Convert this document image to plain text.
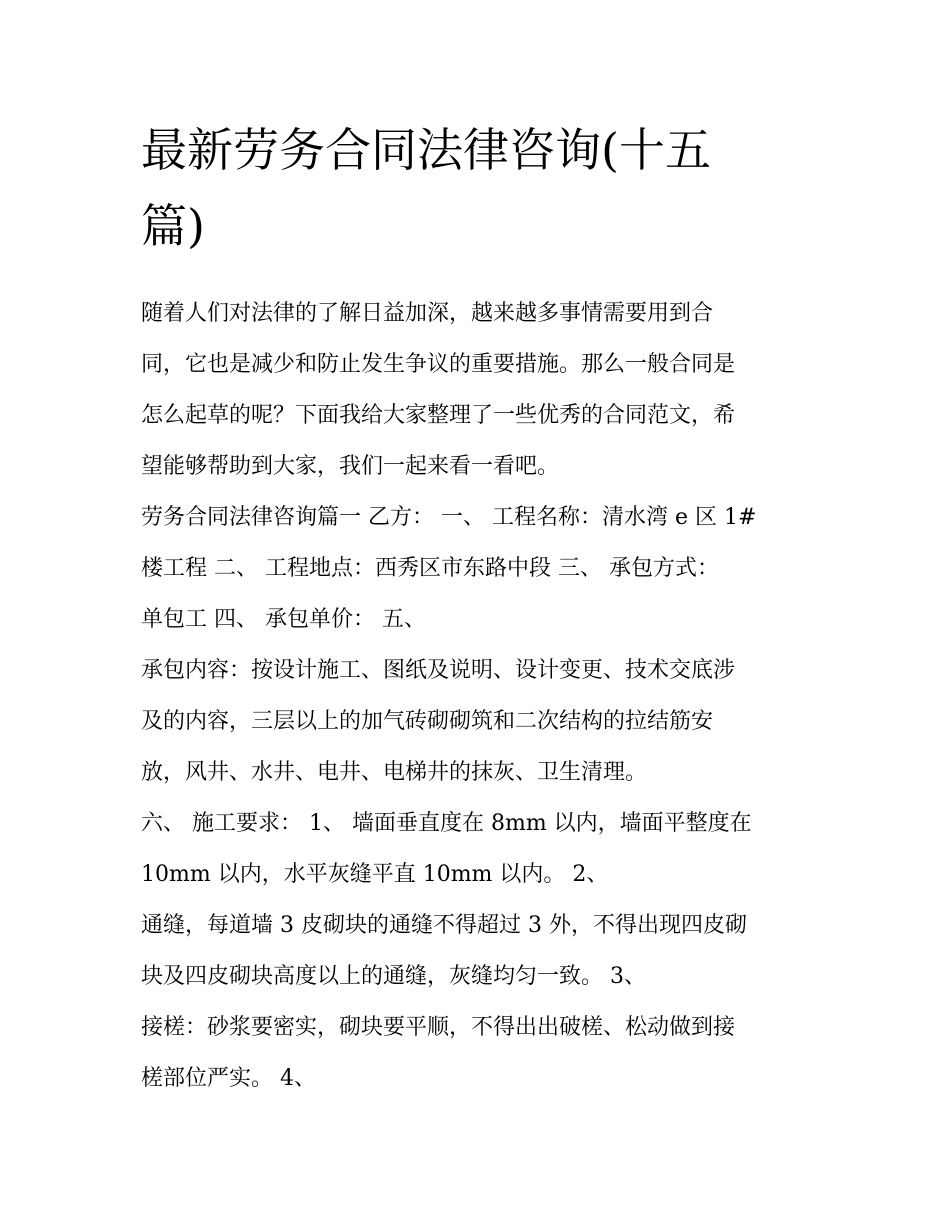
最新劳务合同法律咨询(十五
篇)
随着人们对法律的了解日益加深，越来越多事情需要用到合
同，它也是减少和防止发生争议的重要措施。那么一般合同是
怎么起草的呢？下面我给大家整理了一些优秀的合同范文，希
望能够帮助到大家，我们一起来看一看吧。
劳务合同法律咨询篇一 乙方： 一、 工程名称：清水湾 e 区 1#
楼工程 二、 工程地点：西秀区市东路中段 三、 承包方式：
单包工 四、 承包单价： 五、
承包内容：按设计施工、图纸及说明、设计变更、技术交底涉
及的内容，三层以上的加气砖砌砌筑和二次结构的拉结筋安
放，风井、水井、电井、电梯井的抹灰、卫生清理。
六、 施工要求： 1、 墙面垂直度在 8mm 以内，墙面平整度在
10mm 以内，水平灰缝平直 10mm 以内。 2、
通缝，每道墙 3 皮砌块的通缝不得超过 3 外，不得出现四皮砌
块及四皮砌块高度以上的通缝，灰缝均匀一致。 3、
接槎：砂浆要密实，砌块要平顺，不得出出破槎、松动做到接
槎部位严实。 4、
